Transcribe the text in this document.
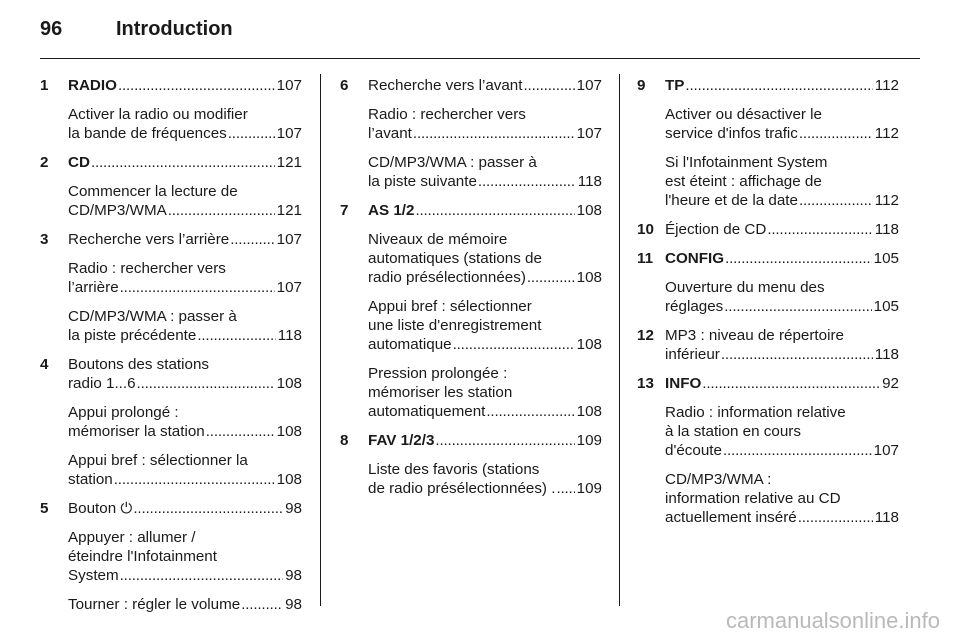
96	Introduction
1	RADIO . . .	107
Activer la radio ou modifier
la bande de fréquences . . .	107
2	CD . . .	121
Commencer la lecture de
CD/MP3/WMA . . .	121
3	Recherche vers l’arrière . . .	107
Radio : rechercher vers
l’arrière . . .	107
CD/MP3/WMA : passer à
la piste précédente . . .	118
4	Boutons des stations
radio 1...6 . . .	108
Appui prolongé :
mémoriser la station . . .	108
Appui bref : sélectionner la
station . . .	108
5	Bouton ⏻ . . .	98
Appuyer : allumer /
éteindre l'Infotainment
System . . .	98
Tourner : régler le volume . . .	98
6	Recherche vers l’avant . . .	107
Radio : rechercher vers
l’avant . . .	107
CD/MP3/WMA : passer à
la piste suivante . . .	118
7	AS 1/2 . . .	108
Niveaux de mémoire
automatiques (stations de
radio présélectionnées) . . .	108
Appui bref : sélectionner
une liste d'enregistrement
automatique . . .	108
Pression prolongée :
mémoriser les station
automatiquement . . .	108
8	FAV 1/2/3 . . .	109
Liste des favoris (stations
de radio présélectionnées) . . . . 109
9	TP . . .	112
Activer ou désactiver le
service d'infos trafic . . .	112
Si l'Infotainment System
est éteint : affichage de
l'heure et de la date . . .	112
10 Éjection de CD . . .	118
11 CONFIG . . .	105
Ouverture du menu des
réglages . . .	105
12 MP3 : niveau de répertoire
inférieur . . .	118
13 INFO . . .	92
Radio : information relative
à la station en cours
d'écoute . . .	107
CD/MP3/WMA :
information relative au CD
actuellement inséré . . .	118
carmanualsonline.info
